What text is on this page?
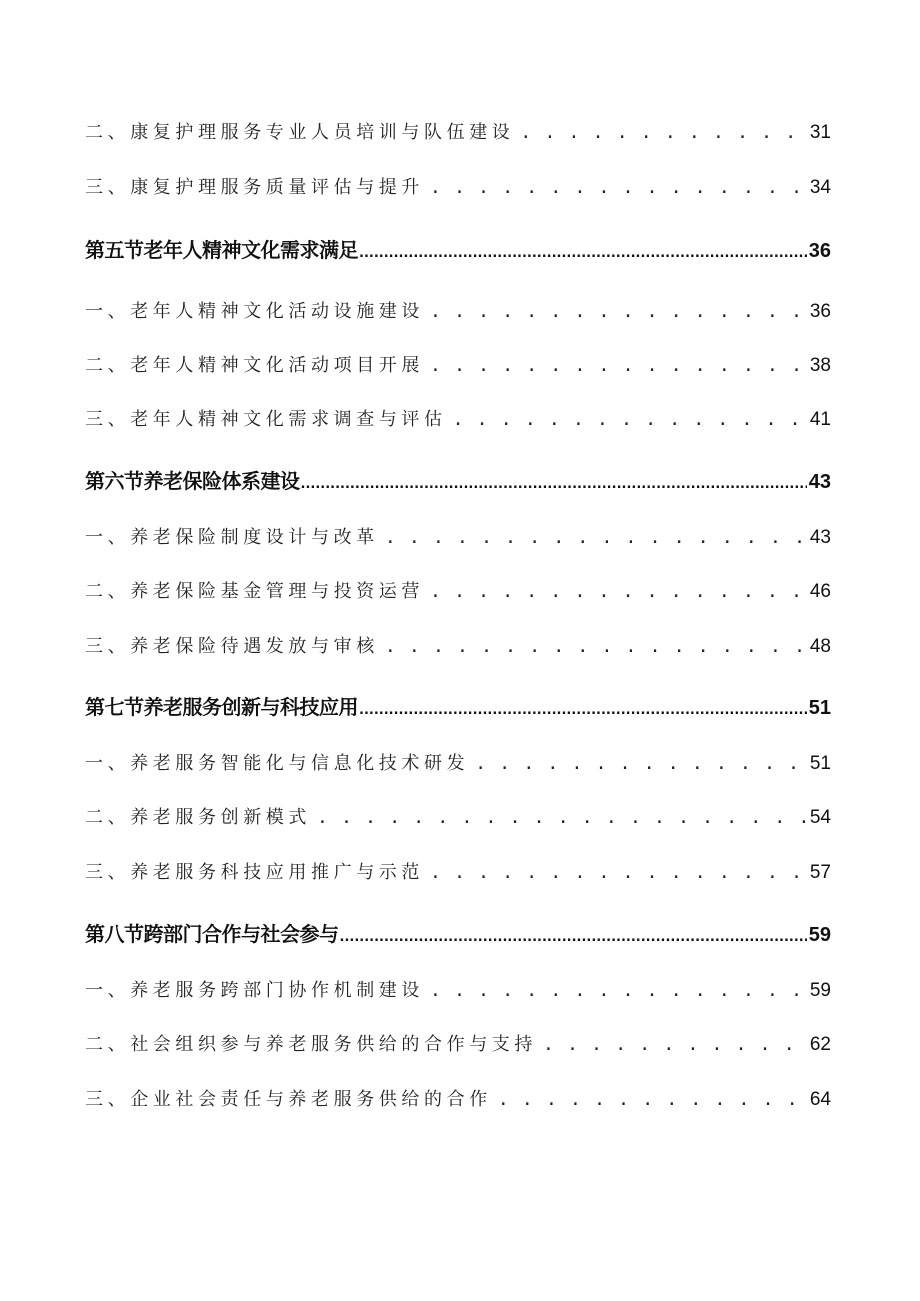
二、康复护理服务专业人员培训与队伍建设 . . .	31
三、康复护理服务质量评估与提升 . . .	34
第五节老年人精神文化需求满足 .....	36
一、老年人精神文化活动设施建设 . . .	36
二、老年人精神文化活动项目开展 . . .	38
三、老年人精神文化需求调查与评估 . . .	41
第六节养老保险体系建设 .....	43
一、养老保险制度设计与改革 . . .	43
二、养老保险基金管理与投资运营 . . .	46
三、养老保险待遇发放与审核 . . .	48
第七节养老服务创新与科技应用 .....	51
一、养老服务智能化与信息化技术研发 . . .	51
二、养老服务创新模式 . . .	54
三、养老服务科技应用推广与示范 . . .	57
第八节跨部门合作与社会参与 .....	59
一、养老服务跨部门协作机制建设 . . .	59
二、社会组织参与养老服务供给的合作与支持 . . .	62
三、企业社会责任与养老服务供给的合作 . . .	64
